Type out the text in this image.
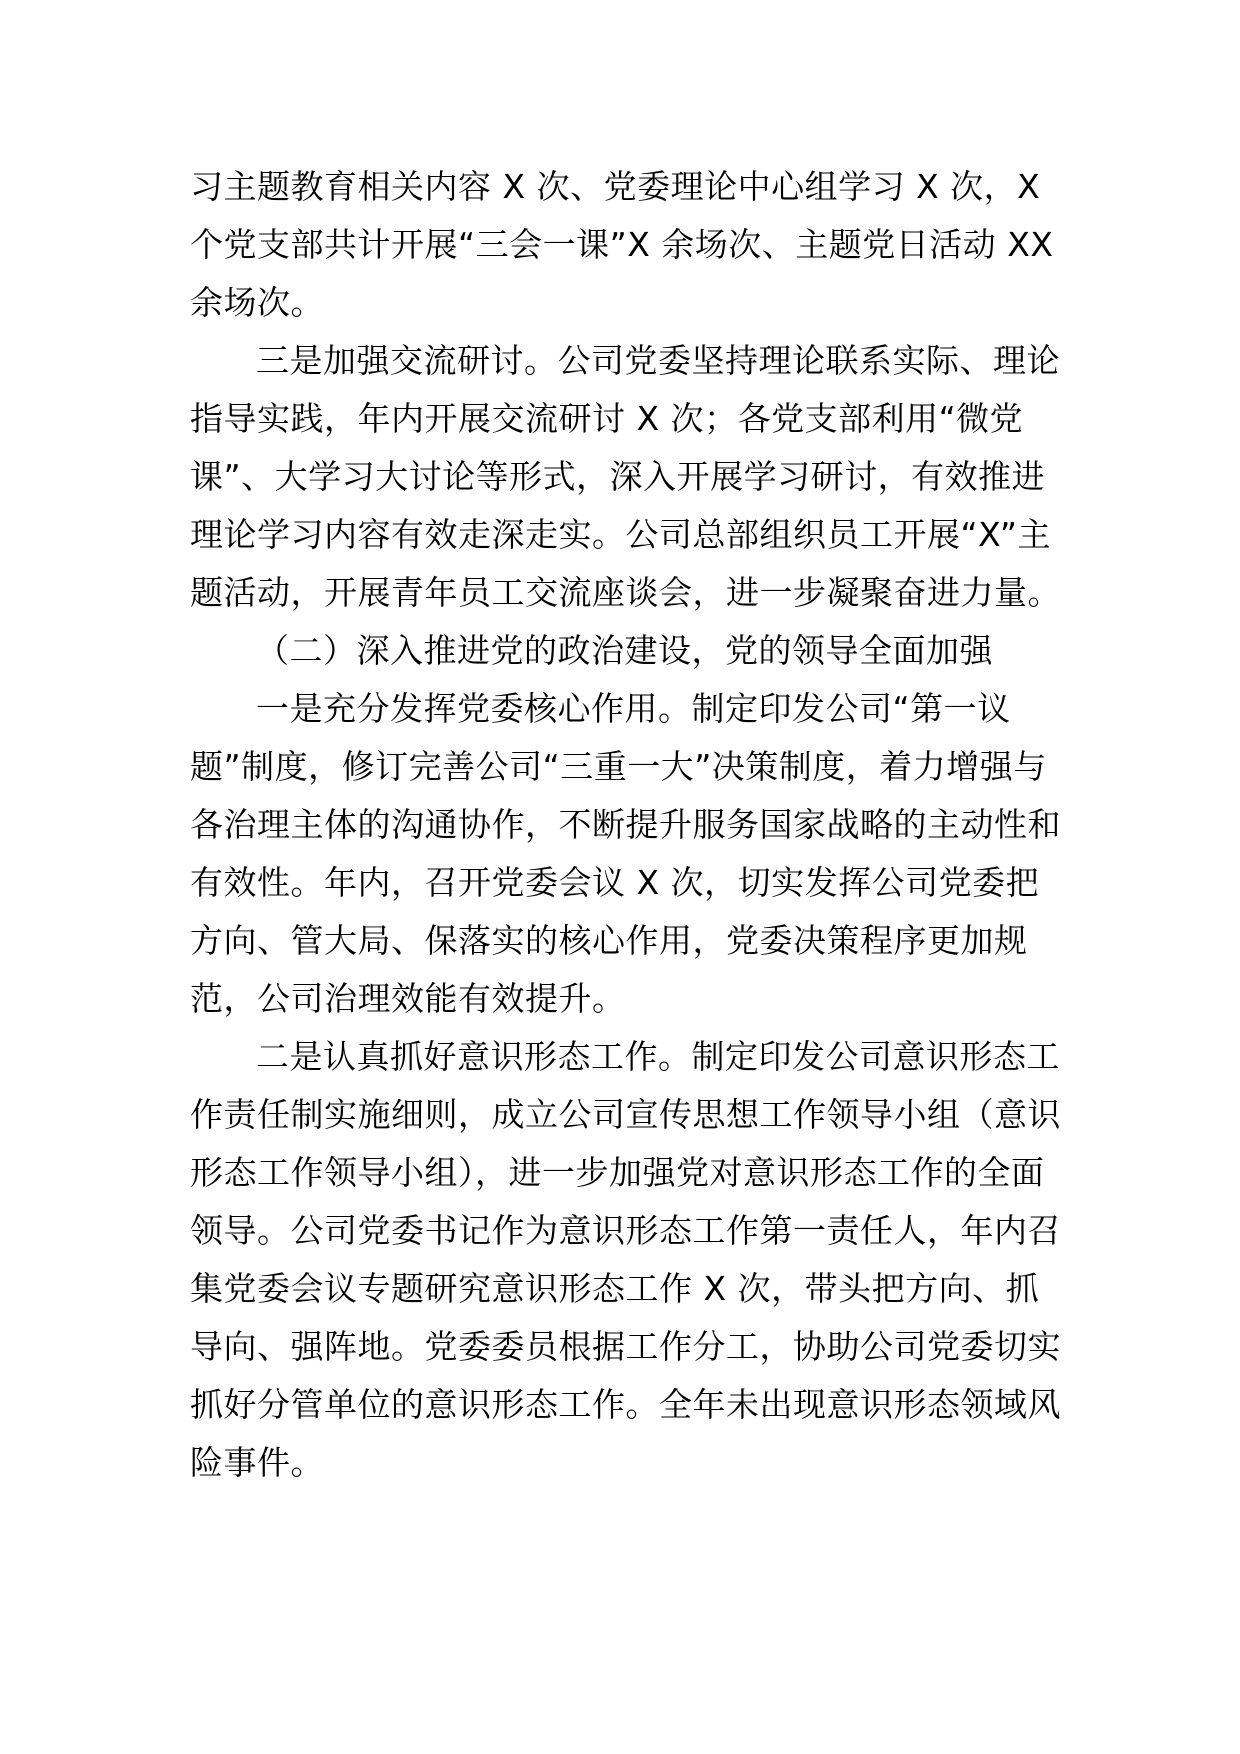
习主题教育相关内容 X 次、党委理论中心组学习 X 次，X 个党支部共计开展“三会一课”X 余场次、主题党日活动 XX 余场次。

三是加强交流研讨。公司党委坚持理论联系实际、理论指导实践，年内开展交流研讨 X 次；各党支部利用“微党课”、大学习大讨论等形式，深入开展学习研讨，有效推进理论学习内容有效走深走实。公司总部组织员工开展“X”主题活动，开展青年员工交流座谈会，进一步凝聚奋进力量。

（二）深入推进党的政治建设，党的领导全面加强

一是充分发挥党委核心作用。制定印发公司“第一议题”制度，修订完善公司“三重一大”决策制度，着力增强与各治理主体的沟通协作，不断提升服务国家战略的主动性和有效性。年内，召开党委会议 X 次，切实发挥公司党委把方向、管大局、保落实的核心作用，党委决策程序更加规范，公司治理效能有效提升。

二是认真抓好意识形态工作。制定印发公司意识形态工作责任制实施细则，成立公司宣传思想工作领导小组（意识形态工作领导小组），进一步加强党对意识形态工作的全面领导。公司党委书记作为意识形态工作第一责任人，年内召集党委会议专题研究意识形态工作 X 次，带头把方向、抓导向、强阵地。党委委员根据工作分工，协助公司党委切实抓好分管单位的意识形态工作。全年未出现意识形态领域风险事件。
